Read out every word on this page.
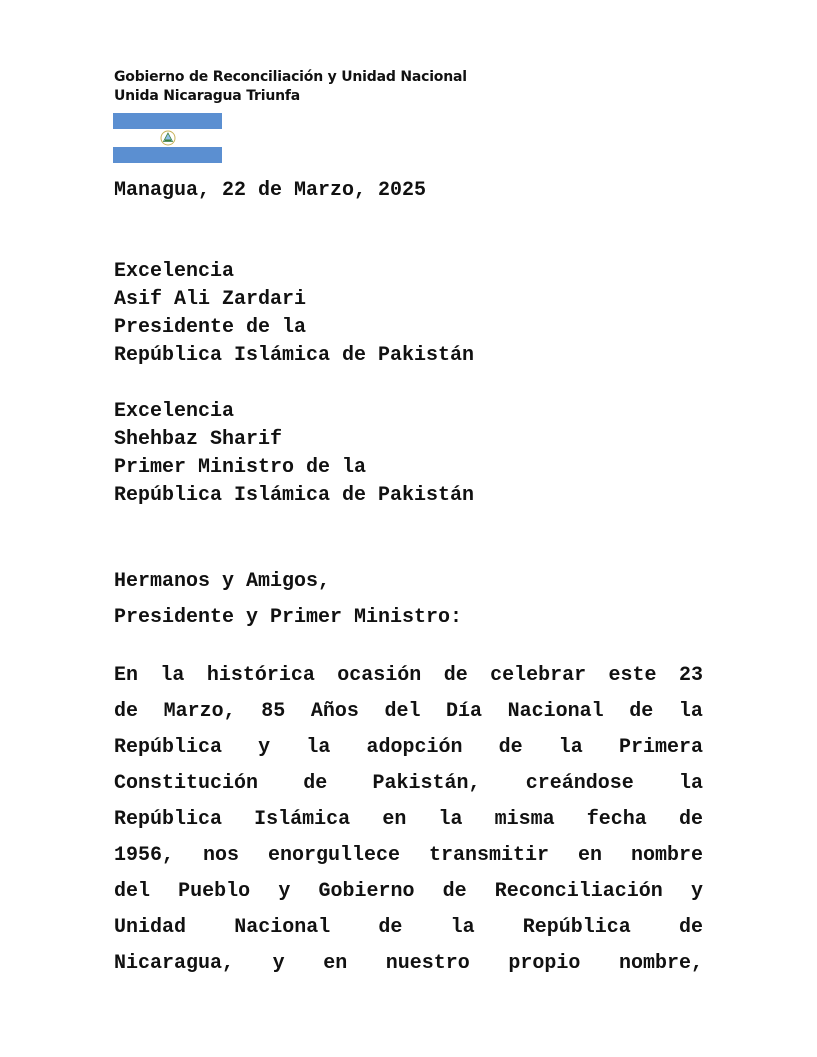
Gobierno de Reconciliación y Unidad Nacional
Unida Nicaragua Triunfa
Managua, 22 de Marzo, 2025
Excelencia
Asif Ali Zardari
Presidente de la
República Islámica de Pakistán
Excelencia
Shehbaz Sharif
Primer Ministro de la
República Islámica de Pakistán
Hermanos y Amigos,
Presidente y Primer Ministro:
En la histórica ocasión de celebrar este 23
de Marzo, 85 Años del Día Nacional de la
República y la adopción de la Primera
Constitución de Pakistán, creándose la
República Islámica en la misma fecha de
1956, nos enorgullece transmitir en nombre
del Pueblo y Gobierno de Reconciliación y
Unidad Nacional de la República de
Nicaragua, y en nuestro propio nombre,
